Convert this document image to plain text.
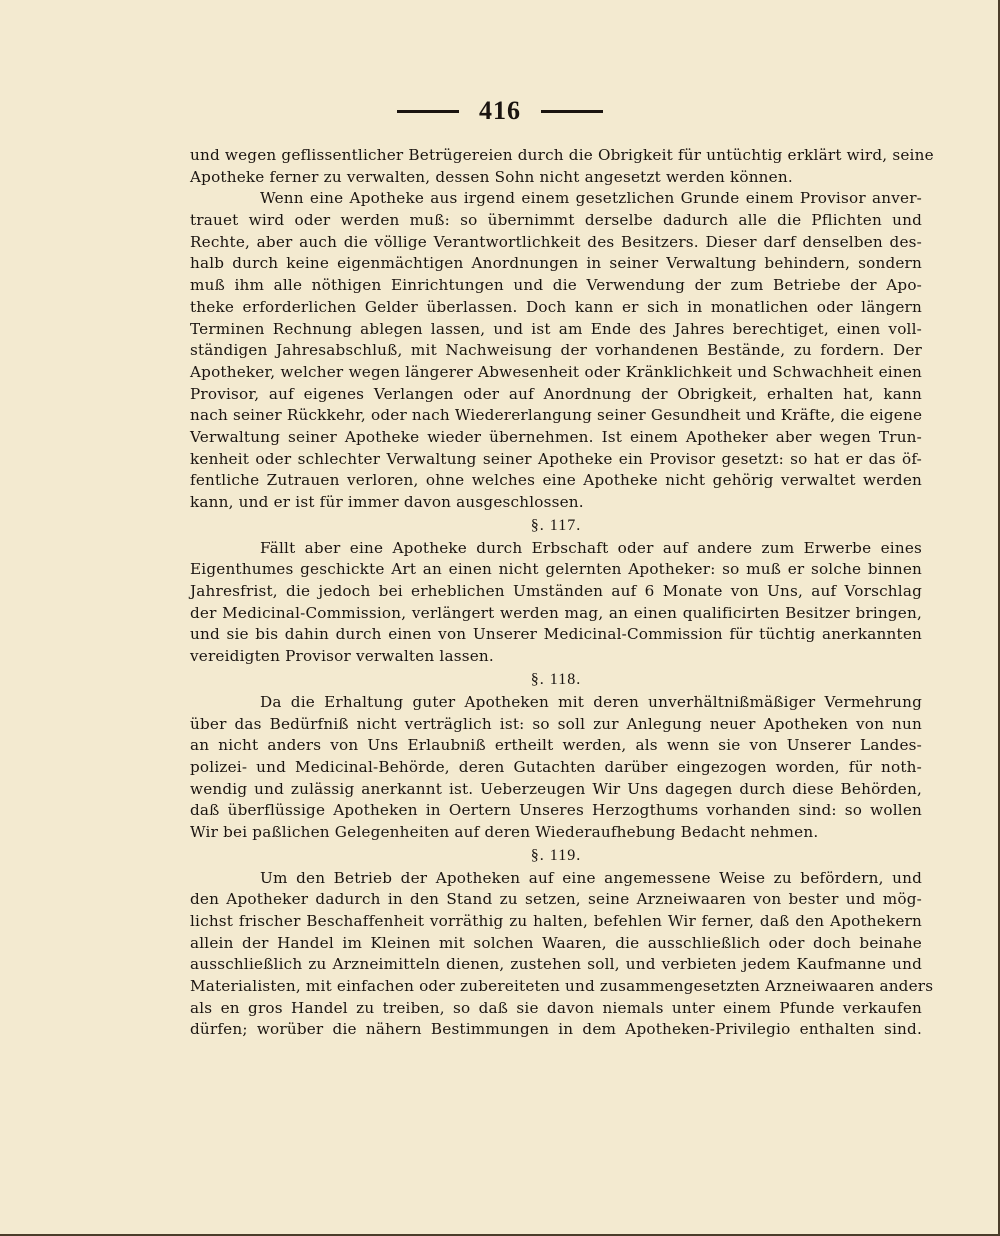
416
und wegen geflissentlicher Betrügereien durch die Obrigkeit für untüchtig erklärt wird, seine
Apotheke ferner zu verwalten, dessen Sohn nicht angesetzt werden können.
Wenn eine Apotheke aus irgend einem gesetzlichen Grunde einem Provisor anver-
trauet wird oder werden muß: so übernimmt derselbe dadurch alle die Pflichten und
Rechte, aber auch die völlige Verantwortlichkeit des Besitzers. Dieser darf denselben des-
halb durch keine eigenmächtigen Anordnungen in seiner Verwaltung behindern, sondern
muß ihm alle nöthigen Einrichtungen und die Verwendung der zum Betriebe der Apo-
theke erforderlichen Gelder überlassen. Doch kann er sich in monatlichen oder längern
Terminen Rechnung ablegen lassen, und ist am Ende des Jahres berechtiget, einen voll-
ständigen Jahresabschluß, mit Nachweisung der vorhandenen Bestände, zu fordern. Der
Apotheker, welcher wegen längerer Abwesenheit oder Kränklichkeit und Schwachheit einen
Provisor, auf eigenes Verlangen oder auf Anordnung der Obrigkeit, erhalten hat, kann
nach seiner Rückkehr, oder nach Wiedererlangung seiner Gesundheit und Kräfte, die eigene
Verwaltung seiner Apotheke wieder übernehmen. Ist einem Apotheker aber wegen Trun-
kenheit oder schlechter Verwaltung seiner Apotheke ein Provisor gesetzt: so hat er das öf-
fentliche Zutrauen verloren, ohne welches eine Apotheke nicht gehörig verwaltet werden
kann, und er ist für immer davon ausgeschlossen.
§. 117.
Fällt aber eine Apotheke durch Erbschaft oder auf andere zum Erwerbe eines
Eigenthumes geschickte Art an einen nicht gelernten Apotheker: so muß er solche binnen
Jahresfrist, die jedoch bei erheblichen Umständen auf 6 Monate von Uns, auf Vorschlag
der Medicinal-Commission, verlängert werden mag, an einen qualificirten Besitzer bringen,
und sie bis dahin durch einen von Unserer Medicinal-Commission für tüchtig anerkannten
vereidigten Provisor verwalten lassen.
§. 118.
Da die Erhaltung guter Apotheken mit deren unverhältnißmäßiger Vermehrung
über das Bedürfniß nicht verträglich ist: so soll zur Anlegung neuer Apotheken von nun
an nicht anders von Uns Erlaubniß ertheilt werden, als wenn sie von Unserer Landes-
polizei- und Medicinal-Behörde, deren Gutachten darüber eingezogen worden, für noth-
wendig und zulässig anerkannt ist. Ueberzeugen Wir Uns dagegen durch diese Behörden,
daß überflüssige Apotheken in Oertern Unseres Herzogthums vorhanden sind: so wollen
Wir bei paßlichen Gelegenheiten auf deren Wiederaufhebung Bedacht nehmen.
§. 119.
Um den Betrieb der Apotheken auf eine angemessene Weise zu befördern, und
den Apotheker dadurch in den Stand zu setzen, seine Arzneiwaaren von bester und mög-
lichst frischer Beschaffenheit vorräthig zu halten, befehlen Wir ferner, daß den Apothekern
allein der Handel im Kleinen mit solchen Waaren, die ausschließlich oder doch beinahe
ausschließlich zu Arzneimitteln dienen, zustehen soll, und verbieten jedem Kaufmanne und
Materialisten, mit einfachen oder zubereiteten und zusammengesetzten Arzneiwaaren anders
als en gros Handel zu treiben, so daß sie davon niemals unter einem Pfunde verkaufen
dürfen; worüber die nähern Bestimmungen in dem Apotheken-Privilegio enthalten sind.
